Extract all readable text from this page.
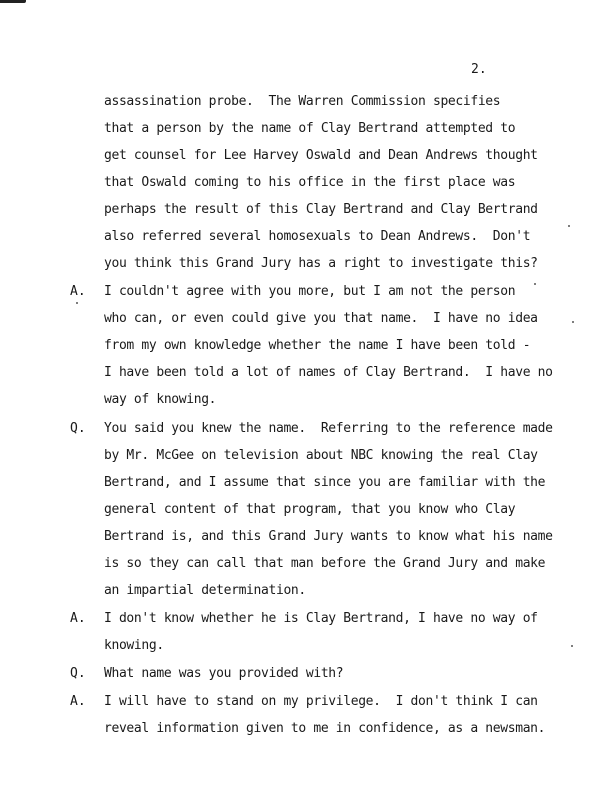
2.
assassination probe.  The Warren Commission specifies
that a person by the name of Clay Bertrand attempted to
get counsel for Lee Harvey Oswald and Dean Andrews thought
that Oswald coming to his office in the first place was
perhaps the result of this Clay Bertrand and Clay Bertrand
also referred several homosexuals to Dean Andrews.  Don't
you think this Grand Jury has a right to investigate this?
A. I couldn't agree with you more, but I am not the person
who can, or even could give you that name.  I have no idea
from my own knowledge whether the name I have been told -
I have been told a lot of names of Clay Bertrand.  I have no
way of knowing.
Q. You said you knew the name.  Referring to the reference made
by Mr. McGee on television about NBC knowing the real Clay
Bertrand, and I assume that since you are familiar with the
general content of that program, that you know who Clay
Bertrand is, and this Grand Jury wants to know what his name
is so they can call that man before the Grand Jury and make
an impartial determination.
A. I don't know whether he is Clay Bertrand, I have no way of
knowing.
Q. What name was you provided with?
A. I will have to stand on my privilege.  I don't think I can
reveal information given to me in confidence, as a newsman.
